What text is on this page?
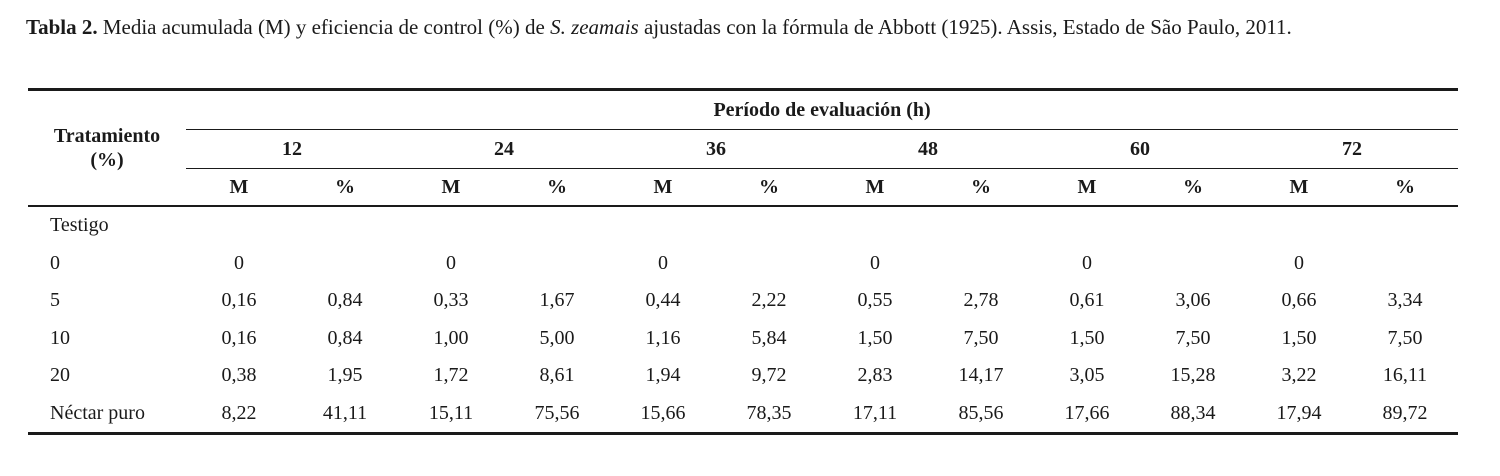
Tabla 2. Media acumulada (M) y eficiencia de control (%) de S. zeamais ajustadas con la fórmula de Abbott (1925). Assis, Estado de São Paulo, 2011.
Tratamiento (%)	Período de evaluación (h)											
	12		24		36		48		60		72	
	M	%	M	%	M	%	M	%	M	%	M	%
Testigo												
0	0		0		0		0		0		0	
5	0,16	0,84	0,33	1,67	0,44	2,22	0,55	2,78	0,61	3,06	0,66	3,34
10	0,16	0,84	1,00	5,00	1,16	5,84	1,50	7,50	1,50	7,50	1,50	7,50
20	0,38	1,95	1,72	8,61	1,94	9,72	2,83	14,17	3,05	15,28	3,22	16,11
Néctar puro	8,22	41,11	15,11	75,56	15,66	78,35	17,11	85,56	17,66	88,34	17,94	89,72
